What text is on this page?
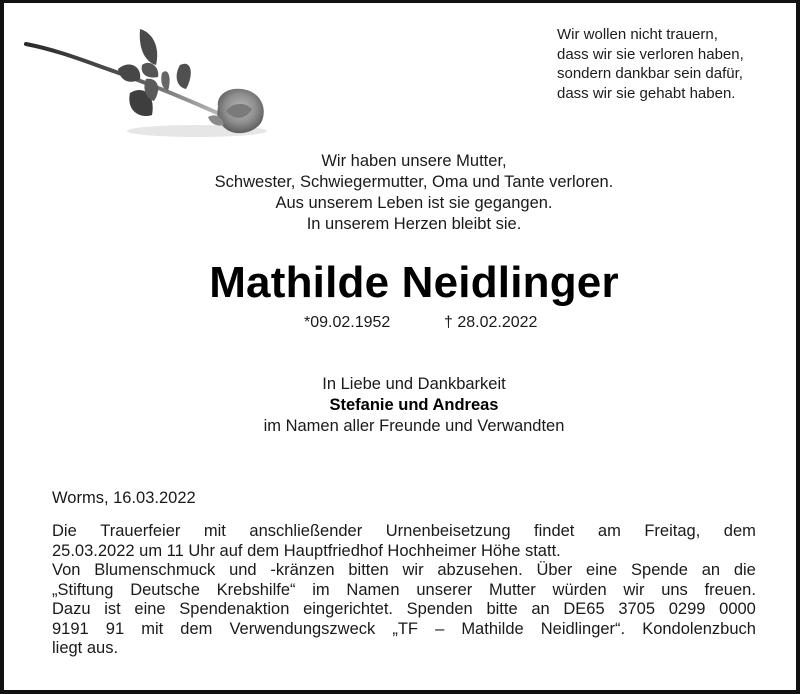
Wir wollen nicht trauern,
dass wir sie verloren haben,
sondern dankbar sein dafür,
dass wir sie gehabt haben.
Wir haben unsere Mutter,
Schwester, Schwiegermutter, Oma und Tante verloren.
Aus unserem Leben ist sie gegangen.
In unserem Herzen bleibt sie.
Mathilde Neidlinger
*09.02.1952	† 28.02.2022
In Liebe und Dankbarkeit
Stefanie und Andreas
im Namen aller Freunde und Verwandten
Worms, 16.03.2022
Die Trauerfeier mit anschließender Urnenbeisetzung findet am Freitag, dem
25.03.2022 um 11 Uhr auf dem Hauptfriedhof Hochheimer Höhe statt.
Von Blumenschmuck und -kränzen bitten wir abzusehen. Über eine Spende an die
„Stiftung Deutsche Krebshilfe“ im Namen unserer Mutter würden wir uns freuen.
Dazu ist eine Spendenaktion eingerichtet. Spenden bitte an DE65 3705 0299 0000
9191 91 mit dem Verwendungszweck „TF – Mathilde Neidlinger“. Kondolenzbuch
liegt aus.
